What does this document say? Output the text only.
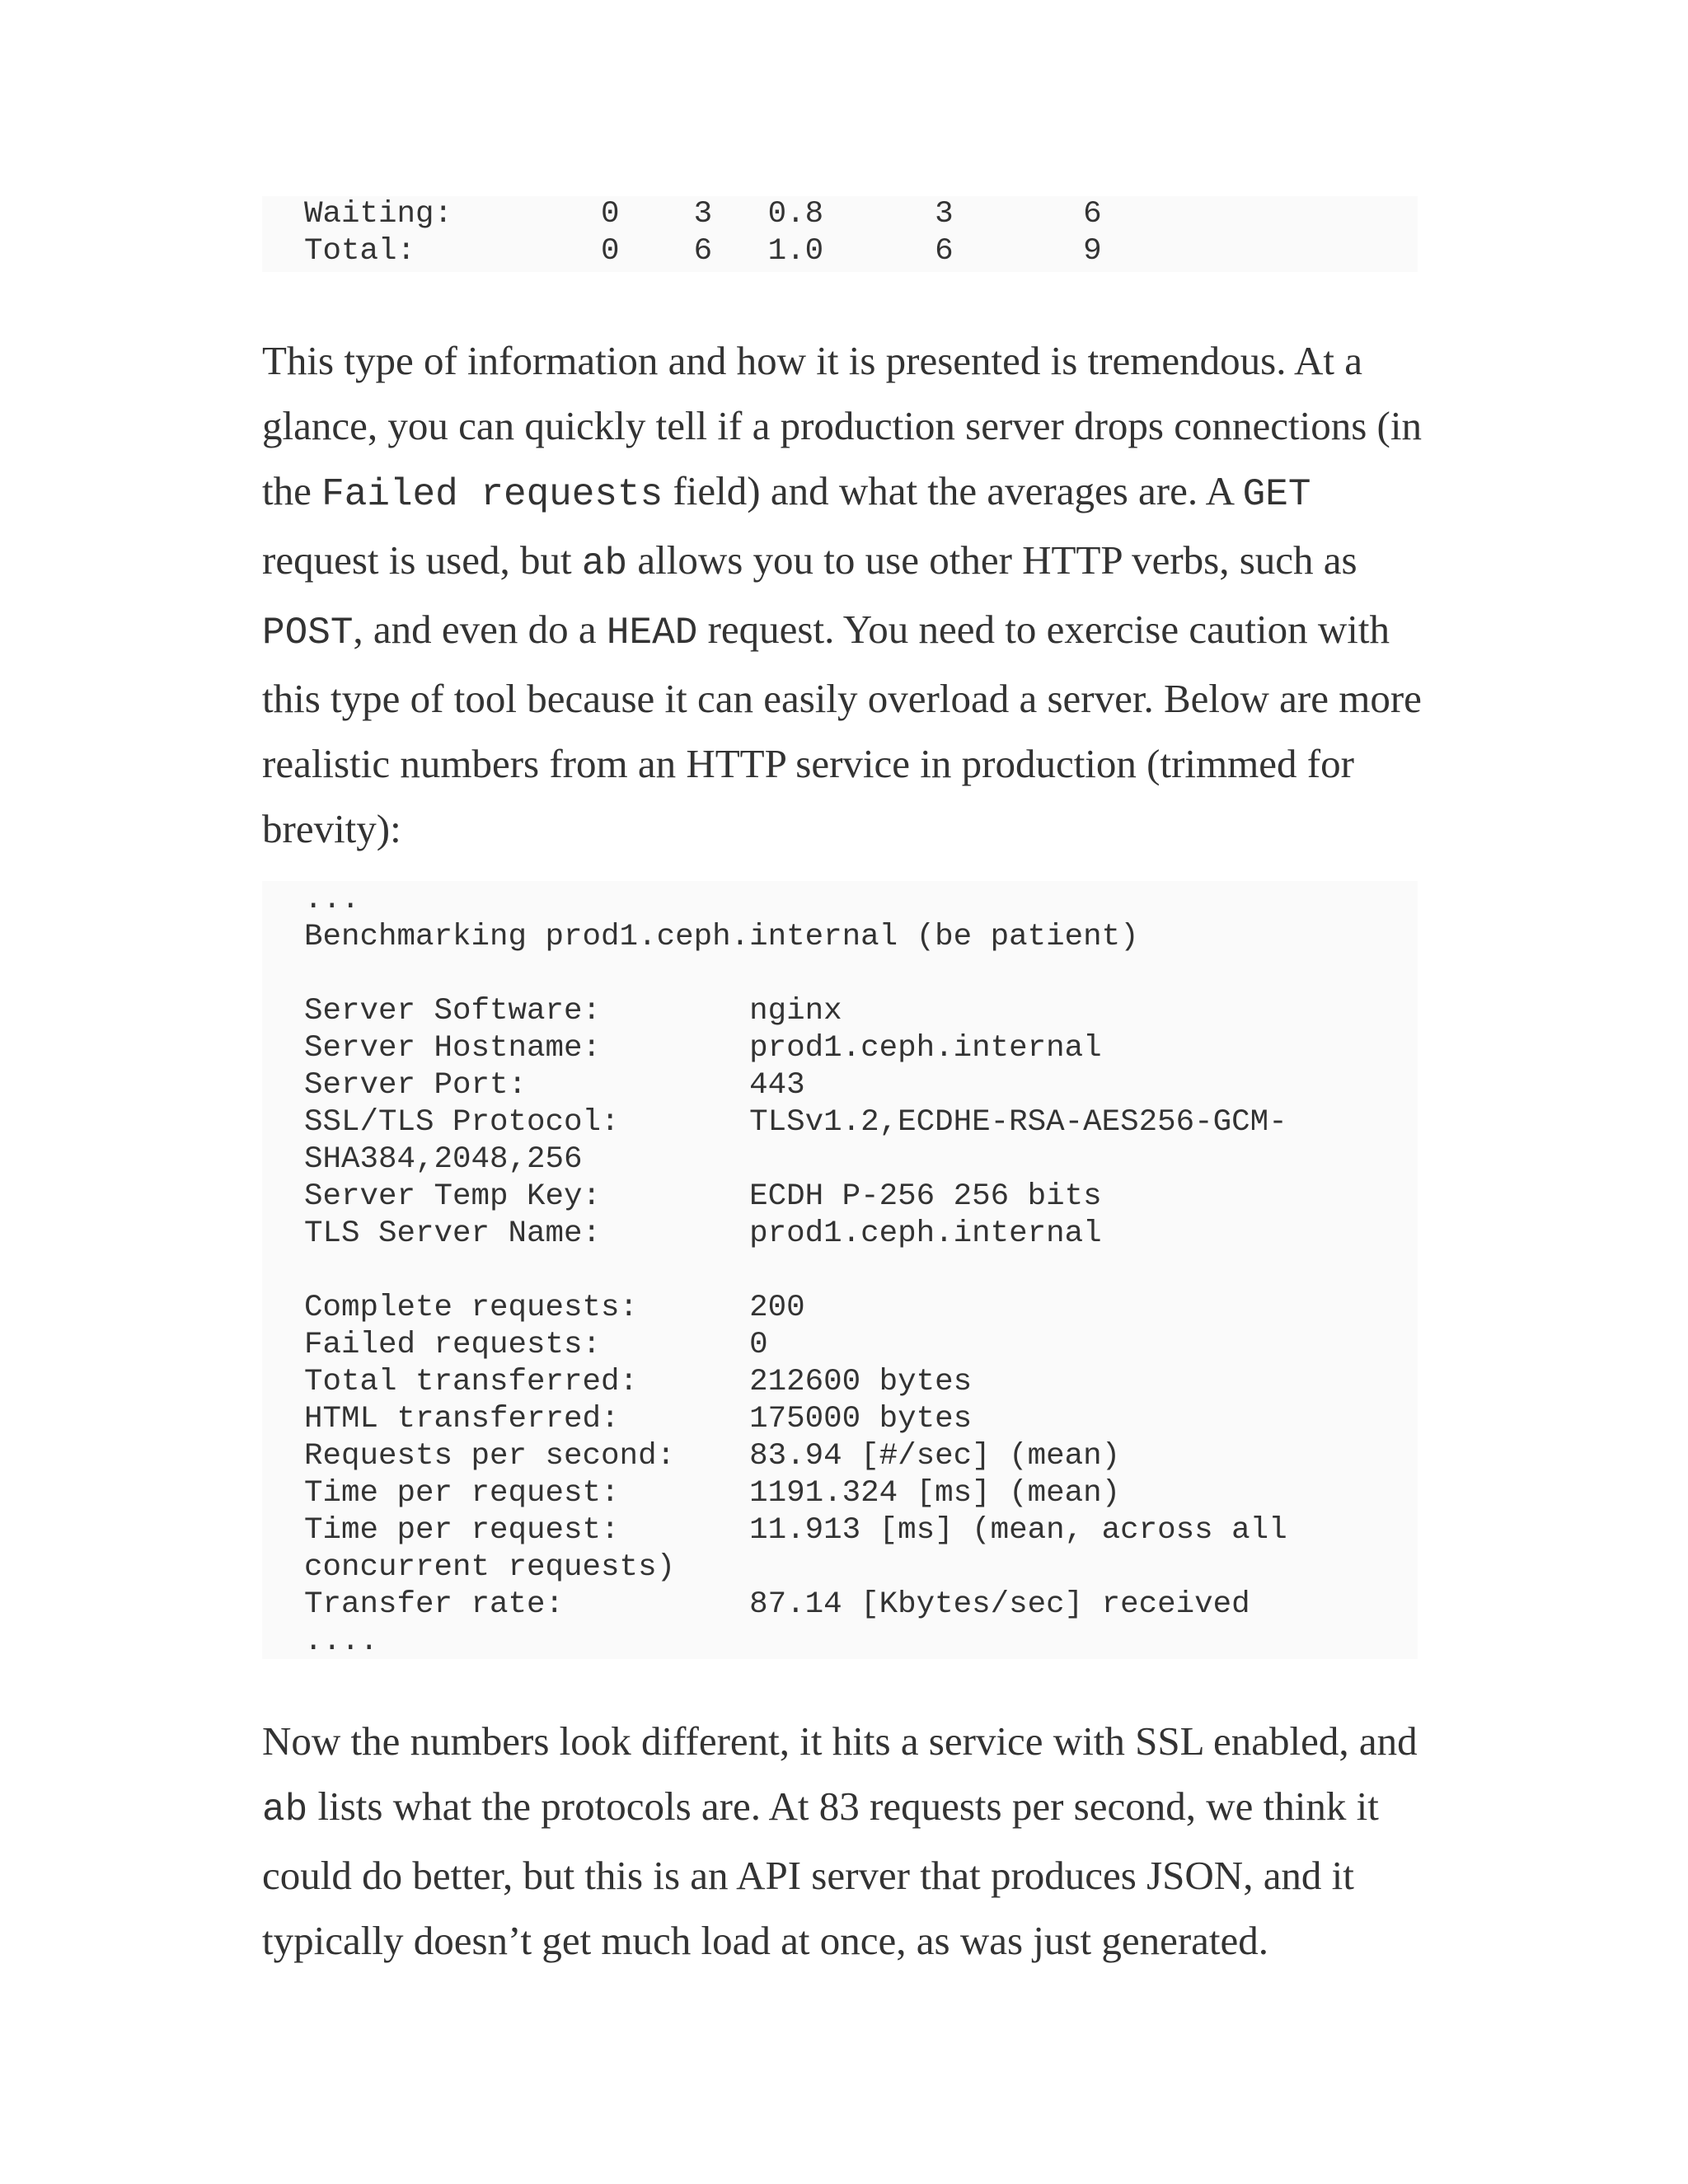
Waiting:        0    3   0.8      3       6
Total:          0    6   1.0      6       9

This type of information and how it is presented is tremendous. At a glance, you can quickly tell if a production server drops connections (in the Failed requests field) and what the averages are. A GET request is used, but ab allows you to use other HTTP verbs, such as POST, and even do a HEAD request. You need to exercise caution with this type of tool because it can easily overload a server. Below are more realistic numbers from an HTTP service in production (trimmed for brevity):

...
Benchmarking prod1.ceph.internal (be patient)
Server Software:        nginx
Server Hostname:        prod1.ceph.internal
Server Port:            443
SSL/TLS Protocol:       TLSv1.2,ECDHE-RSA-AES256-GCM-
SHA384,2048,256
Server Temp Key:        ECDH P-256 256 bits
TLS Server Name:        prod1.ceph.internal
Complete requests:      200
Failed requests:        0
Total transferred:      212600 bytes
HTML transferred:       175000 bytes
Requests per second:    83.94 [#/sec] (mean)
Time per request:       1191.324 [ms] (mean)
Time per request:       11.913 [ms] (mean, across all
concurrent requests)
Transfer rate:          87.14 [Kbytes/sec] received
....

Now the numbers look different, it hits a service with SSL enabled, and ab lists what the protocols are. At 83 requests per second, we think it could do better, but this is an API server that produces JSON, and it typically doesn’t get much load at once, as was just generated.
